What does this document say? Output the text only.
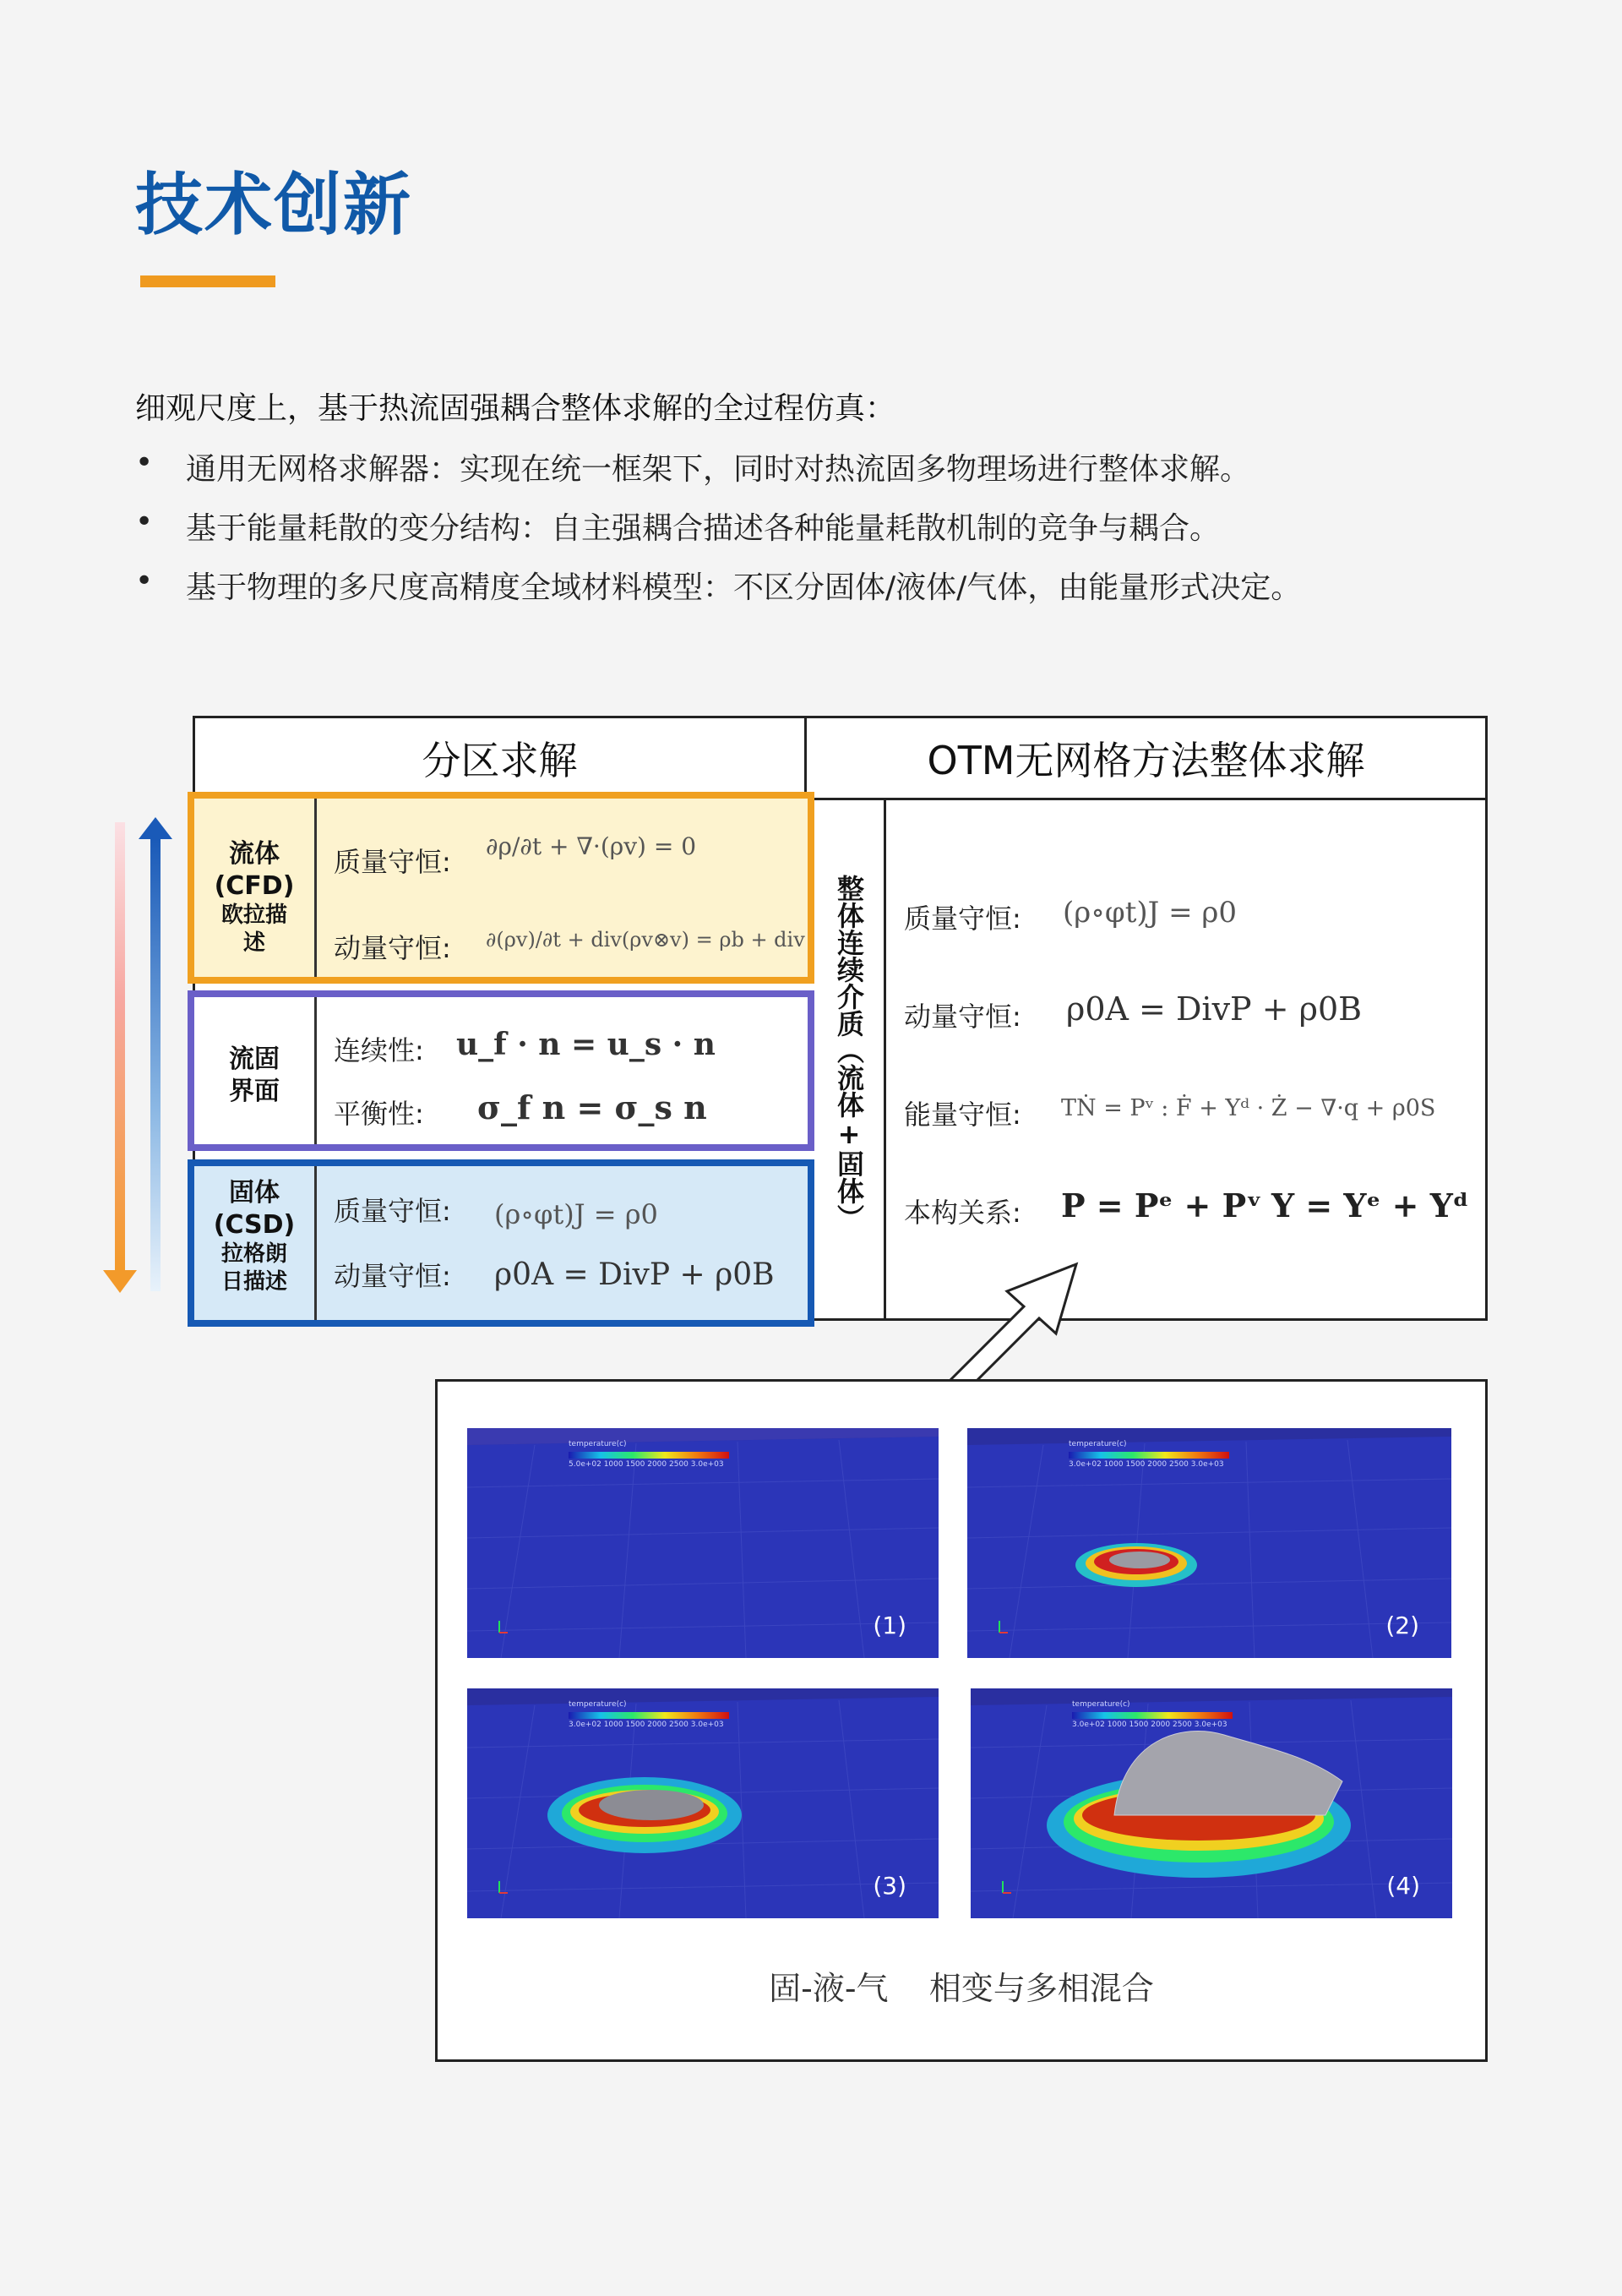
技术创新
细观尺度上，基于热流固强耦合整体求解的全过程仿真：
• 通用无网格求解器：实现在统一框架下，同时对热流固多物理场进行整体求解。
• 基于能量耗散的变分结构：自主强耦合描述各种能量耗散机制的竞争与耦合。
• 基于物理的多尺度高精度全域材料模型：不区分固体/液体/气体，由能量形式决定。
分区求解	OTM无网格方法整体求解
流体
(CFD)
欧拉描
述
质量守恒: ∂ρ/∂t + ∇·(ρv) = 0
动量守恒: ∂(ρv)/∂t + div(ρv⊗v) = ρb + div
流固
界面
连续性: u_f · n = u_s · n
平衡性: σ_f n = σ_s n
固体
(CSD)
拉格朗
日描述
质量守恒: (ρ∘φt)J = ρ0
动量守恒: ρ0A = DivP + ρ0B
整体连续介质（流体+固体） 质量守恒: (ρ∘φt)J = ρ0
动量守恒: ρ0A = DivP + ρ0B
能量守恒: TṄ = Pᵛ : Ḟ + Yᵈ · Ż − ∇·q + ρ0S
本构关系: P = Pᵉ + Pᵛ Y = Yᵉ + Yᵈ
temperature(c)
5.0e+02 1000 1500 2000 2500 3.0e+03
(1)
temperature(c)
3.0e+02 1000 1500 2000 2500 3.0e+03
(2)
temperature(c)
3.0e+02 1000 1500 2000 2500 3.0e+03
(3)
temperature(c)
3.0e+02 1000 1500 2000 2500 3.0e+03
(4)
固-液-气    相变与多相混合
